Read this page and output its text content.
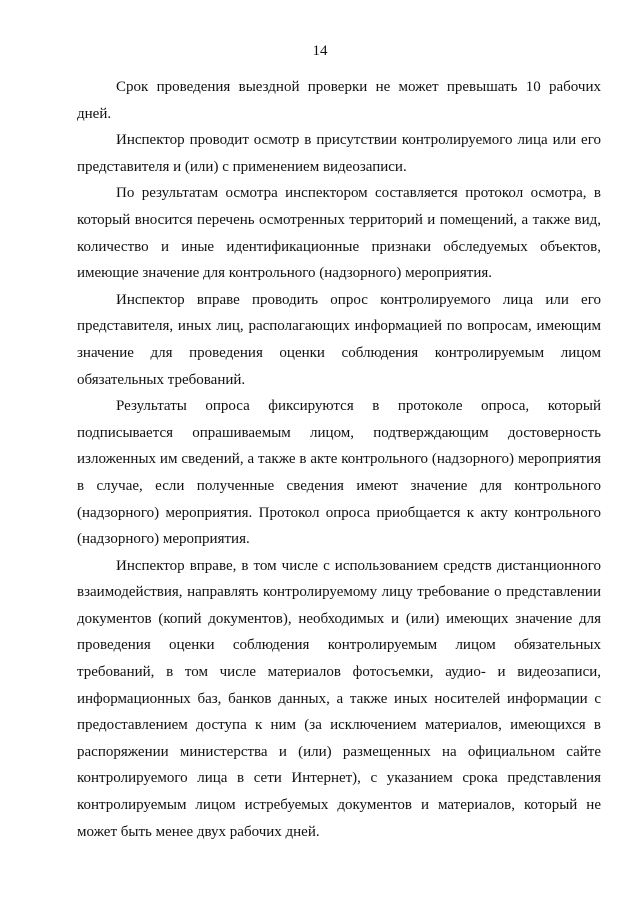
14

Срок проведения выездной проверки не может превышать 10 рабочих дней.

Инспектор проводит осмотр в присутствии контролируемого лица или его представителя и (или) с применением видеозаписи.

По результатам осмотра инспектором составляется протокол осмотра, в который вносится перечень осмотренных территорий и помещений, а также вид, количество и иные идентификационные признаки обследуемых объектов, имеющие значение для контрольного (надзорного) мероприятия.

Инспектор вправе проводить опрос контролируемого лица или его представителя, иных лиц, располагающих информацией по вопросам, имеющим значение для проведения оценки соблюдения контролируемым лицом обязательных требований.

Результаты опроса фиксируются в протоколе опроса, который подписывается опрашиваемым лицом, подтверждающим достоверность изложенных им сведений, а также в акте контрольного (надзорного) мероприятия в случае, если полученные сведения имеют значение для контрольного (надзорного) мероприятия. Протокол опроса приобщается к акту контрольного (надзорного) мероприятия.

Инспектор вправе, в том числе с использованием средств дистанционного взаимодействия, направлять контролируемому лицу требование о представлении документов (копий документов), необходимых и (или) имеющих значение для проведения оценки соблюдения контролируемым лицом обязательных требований, в том числе материалов фотосъемки, аудио- и видеозаписи, информационных баз, банков данных, а также иных носителей информации с предоставлением доступа к ним (за исключением материалов, имеющихся в распоряжении министерства и (или) размещенных на официальном сайте контролируемого лица в сети Интернет), с указанием срока представления контролируемым лицом истребуемых документов и материалов, который не может быть менее двух рабочих дней.
